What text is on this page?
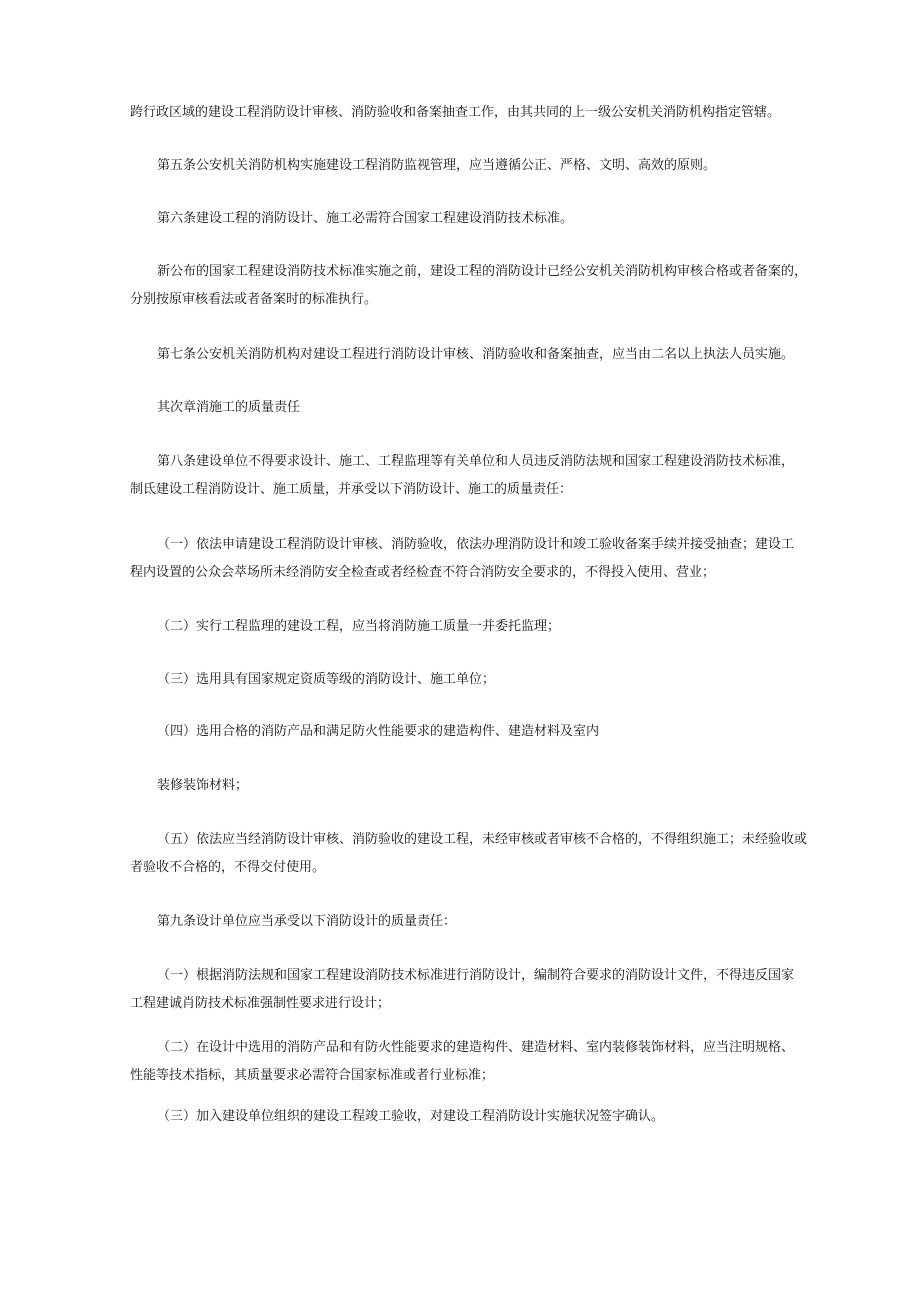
跨行政区域的建设工程消防设计审核、消防验收和备案抽查工作，由其共同的上一级公安机关消防机构指定管辖。

第五条公安机关消防机构实施建设工程消防监视管理，应当遵循公正、严格、文明、高效的原则。

第六条建设工程的消防设计、施工必需符合国家工程建设消防技术标准。

新公布的国家工程建设消防技术标准实施之前，建设工程的消防设计已经公安机关消防机构审核合格或者备案的，
分别按原审核看法或者备案时的标准执行。

第七条公安机关消防机构对建设工程进行消防设计审核、消防验收和备案抽查，应当由二名以上执法人员实施。

其次章消施工的质量责任

第八条建设单位不得要求设计、施工、工程监理等有关单位和人员违反消防法规和国家工程建设消防技术标准，
制氐建设工程消防设计、施工质量，并承受以下消防设计、施工的质量责任：

（一）依法申请建设工程消防设计审核、消防验收，依法办理消防设计和竣工验收备案手续并接受抽查；建设工
程内设置的公众会萃场所未经消防安全检查或者经检査不符合消防安全要求的，不得投入使用、营业；

（二）实行工程监理的建设工程，应当将消防施工质量一并委托监理；

（三）选用具有国家规定资质等级的消防设计、施工单位；

（四）选用合格的消防产品和满足防火性能要求的建造构件、建造材料及室内

装修装饰材料；

（五）依法应当经消防设计审核、消防验收的建设工程，未经审核或者审核不合格的，不得组织施工；未经验收或
者验收不合格的，不得交付使用。

第九条设计单位应当承受以下消防设计的质量责任：

（一）根据消防法规和国家工程建设消防技术标准进行消防设计，编制符合要求的消防设计文件，不得违反国家
工程建诚肖防技术标准强制性要求进行设计；

（二）在设计中选用的消防产品和有防火性能要求的建造构件、建造材料、室内装修装饰材料，应当注明规格、
性能等技术指标，其质量要求必需符合国家标准或者行业标准；

（三）加入建设单位组织的建设工程竣工验收，对建设工程消防设计实施状况签字确认。
